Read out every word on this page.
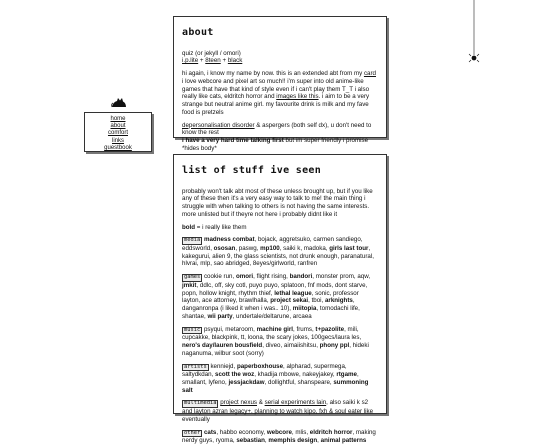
home
about
comfort
links
guestbook
about

quiz (or jekyll / omori)
i.p.lite + 8teen + black

hi again, i know my name by now. this is an extended abt from my card i love webcore and pixel art so much!! i'm super into old anime-like games that have that kind of style even if i can't play them T_T i also really like cats, eldritch horror and images like this. i aim to be a very strange but neutral anime girl. my favourite drink is milk and my fave food is pretzels

depersonalisation disorder & aspergers (both self dx), u don't need to know the rest
i have a very hard time talking first but im super friendly i promise *hides body*

list of stuff ive seen

probably won't talk abt most of these unless brought up, but if you like any of these then it's a very easy way to talk to me! the main thing i struggle with when talking to others is not having the same interests. more unlisted but if theyre not here i probably didnt like it

bold = i really like them

media madness combat, bojack, aggretsuko, carmen sandiego, eddsworld, ososan, paswg, mp100, saiki k, madoka, girls last tour, kakegurui, alien 9, the glass scientists, not drunk enough, paranatural, hlvrai, mlp, sao abridged, 8eyes/girlworld, ranfren

games cookie run, omori, flight rising, bandori, monster prom, aqw, jmkit, ddlc, off, sky cotl, puyo puyo, splatoon, fnf mods, dont starve, popn, hollow knight, rhythm thief, lethal league, sonic, professor layton, ace attorney, brawlhalla, project sekai, tboi, arknights, danganronpa (i liked it when i was.. 10), miitopia, tomodachi life, shantae, wii party, undertale/deltarune, arcaea

music psyqui, metaroom, machine girl, frums, t+pazolite, mili, cupcakke, blackpink, tt, loona, the scary jokes, 100gecs/laura les, nero's day/lauren bousfield, diveo, aimaiishitsu, phony ppl, hideki naganuma, wilbur soot (sorry)

artists kenniejd, paperboxhouse, alpharad, supermega, saltydkdan, scott the woz, khadija mbowe, nakeyjakey, rtgame, smallant, lyfeno, jessjackdaw, dollightful, shanspeare, summoning salt

multimedia project nexus & serial experiments lain, also saiki k s2 and layton azran legacy+. planning to watch kipo, fxh & soul eater like eventually

other cats, habbo economy, webcore, mlis, eldritch horror, making nerdy guys, ryoma, sebastian, memphis design, animal patterns
